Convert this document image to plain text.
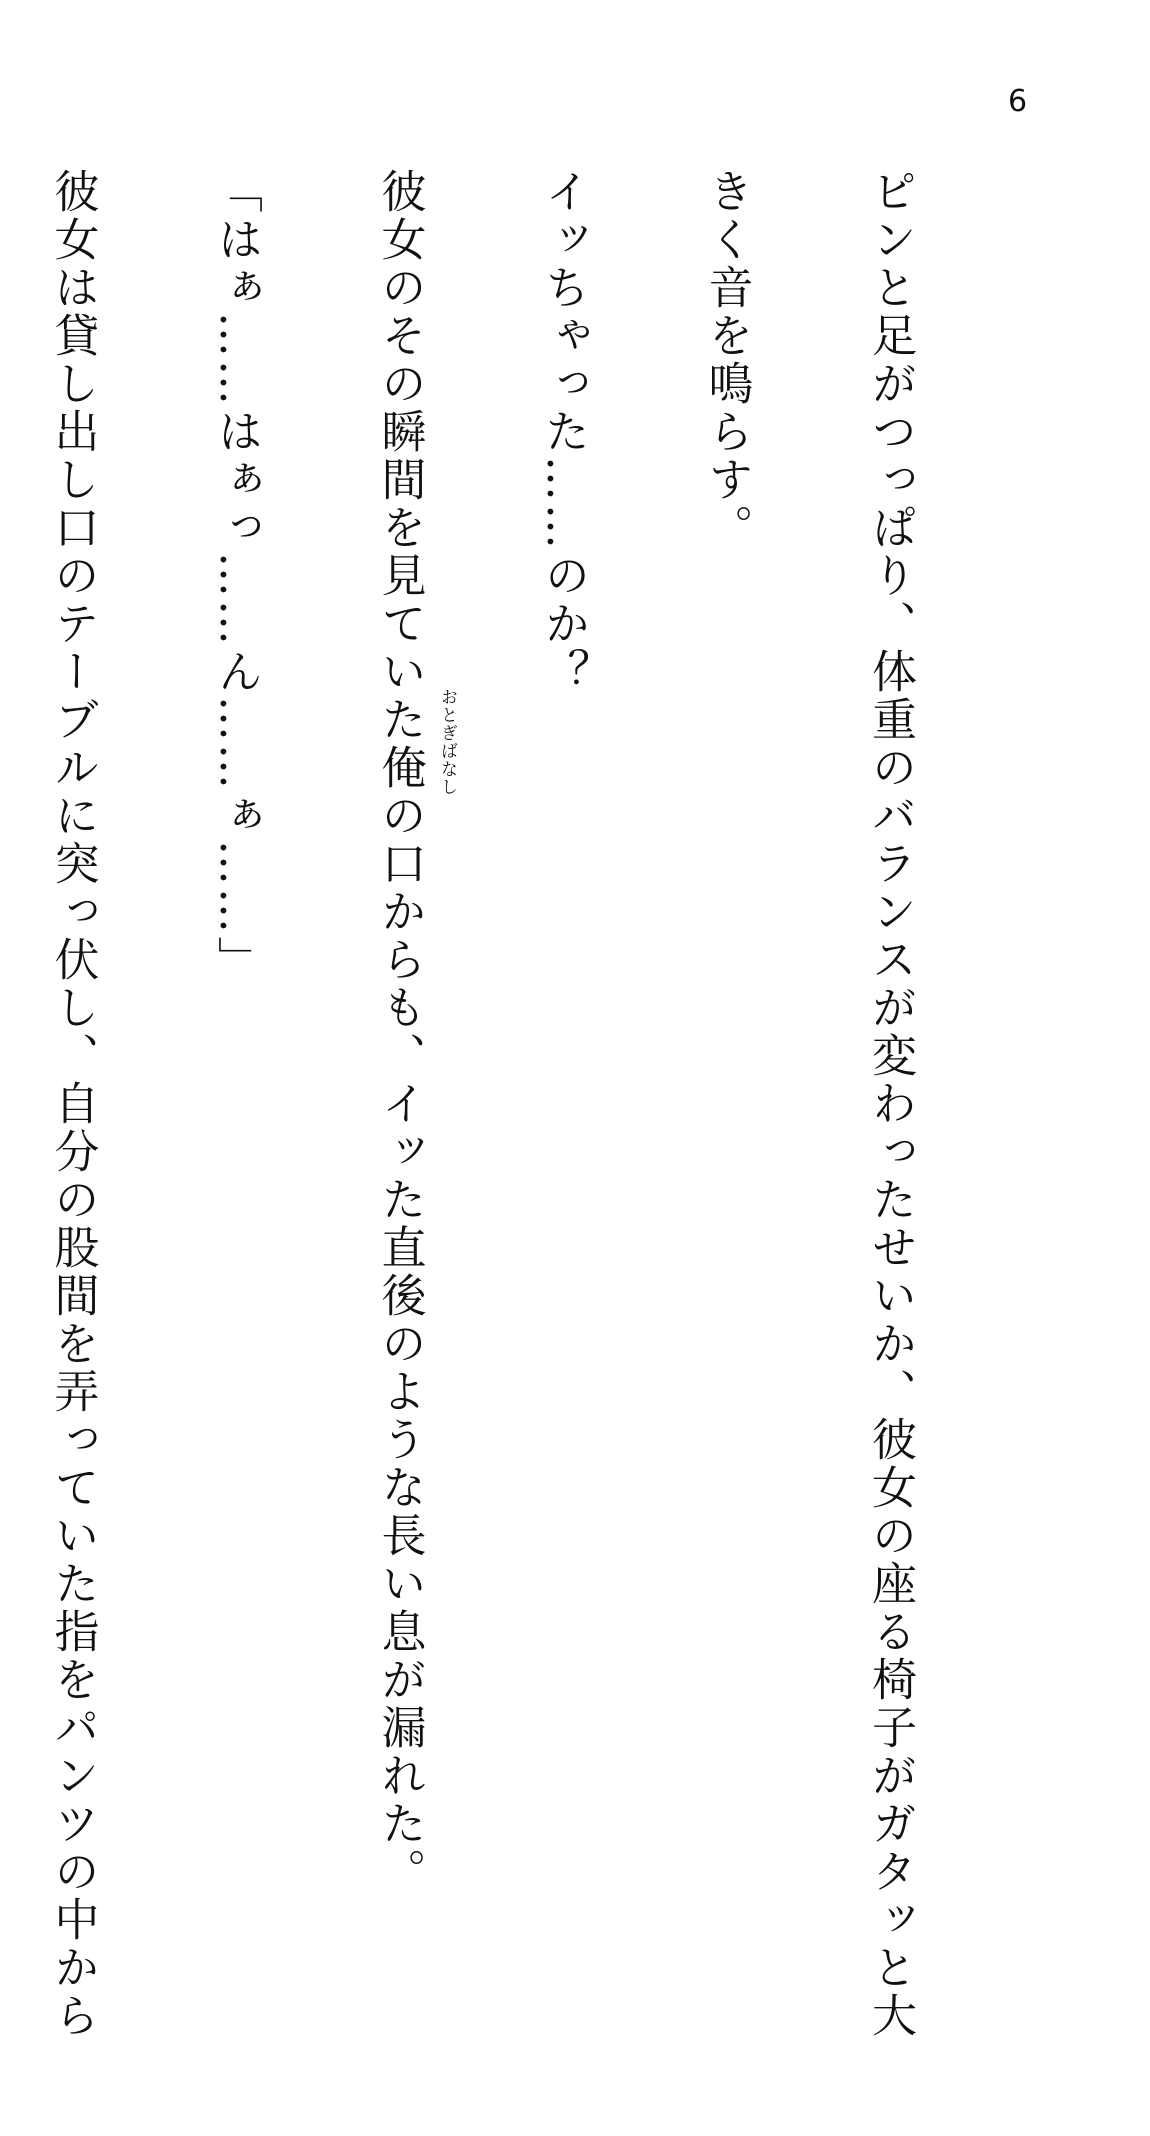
6

ピンと足がつっぱり、体重のバランスが変わったせいか、彼女の座る椅子がガタッと大

きく音を鳴らす。

イッちゃった……のか？

彼女のその瞬間を見ていた俺の口からも、イッた直後のような長い息が漏れた。

「はぁ……はぁっ……ん……ぁ……」

彼女は貸し出し口のテーブルに突っ伏し、自分の股間を弄っていた指をパンツの中から

	おとぎばなし
